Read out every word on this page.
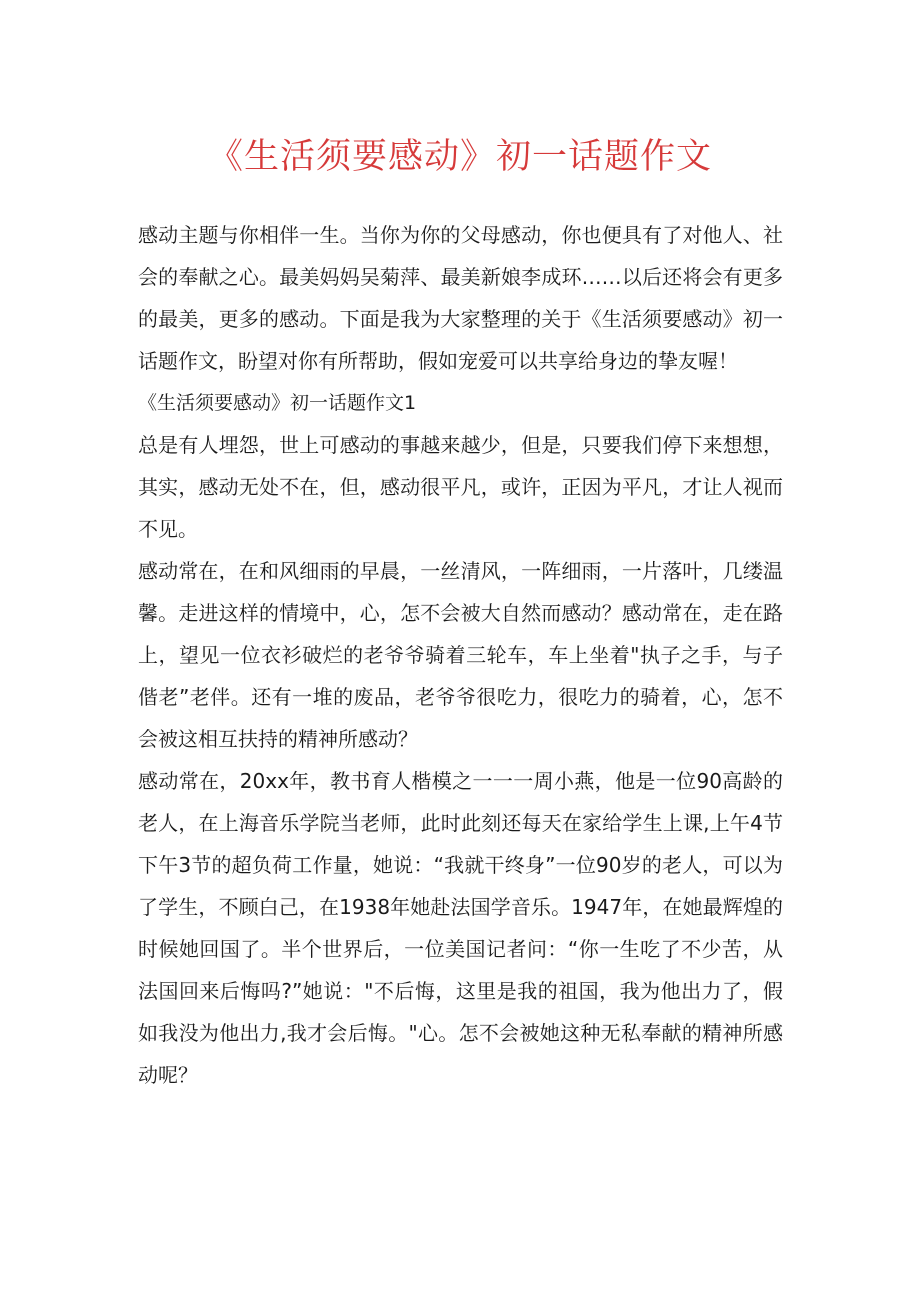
《生活须要感动》初一话题作文

感动主题与你相伴一生。当你为你的父母感动，你也便具有了对他人、社会的奉献之心。最美妈妈吴菊萍、最美新娘李成环……以后还将会有更多的最美，更多的感动。下面是我为大家整理的关于《生活须要感动》初一话题作文，盼望对你有所帮助，假如宠爱可以共享给身边的挚友喔！

《生活须要感动》初一话题作文1

总是有人埋怨，世上可感动的事越来越少，但是，只要我们停下来想想，其实，感动无处不在，但，感动很平凡，或许，正因为平凡，才让人视而不见。

感动常在，在和风细雨的早晨，一丝清风，一阵细雨，一片落叶，几缕温馨。走进这样的情境中，心，怎不会被大自然而感动？感动常在，走在路上，望见一位衣衫破烂的老爷爷骑着三轮车，车上坐着"执子之手，与子偕老”老伴。还有一堆的废品，老爷爷很吃力，很吃力的骑着，心，怎不会被这相互扶持的精神所感动？

感动常在，20xx年，教书育人楷模之一一一周小燕，他是一位90高龄的老人，在上海音乐学院当老师，此时此刻还每天在家给学生上课,上午4节下午3节的超负荷工作量，她说：“我就干终身”一位90岁的老人，可以为了学生，不顾白己，在1938年她赴法国学音乐。1947年，在她最辉煌的时候她回国了。半个世界后，一位美国记者问：“你一生吃了不少苦，从法国回来后悔吗?”她说："不后悔，这里是我的祖国，我为他出力了，假如我没为他出力,我才会后悔。"心。怎不会被她这种无私奉献的精神所感动呢？
